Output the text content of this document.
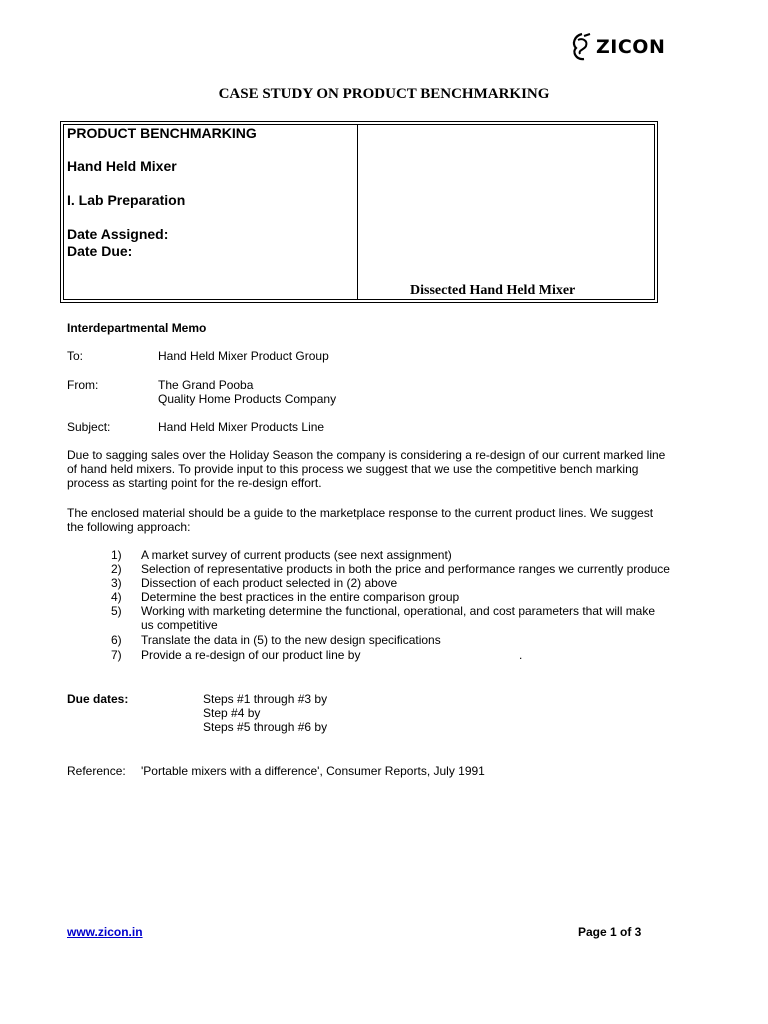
ZICON
CASE STUDY ON PRODUCT BENCHMARKING
PRODUCT BENCHMARKING
Hand Held Mixer
I. Lab Preparation
Date Assigned:
Date Due:
Dissected Hand Held Mixer
Interdepartmental Memo
To:	Hand Held Mixer Product Group
From:	The Grand Pooba
Quality Home Products Company
Subject:	Hand Held Mixer Products Line
Due to sagging sales over the Holiday Season the company is considering a re-design of our current marked line
of hand held mixers. To provide input to this process we suggest that we use the competitive bench marking
process as starting point for the re-design effort.
The enclosed material should be a guide to the marketplace response to the current product lines. We suggest
the following approach:
1) A market survey of current products (see next assignment)
2) Selection of representative products in both the price and performance ranges we currently produce
3) Dissection of each product selected in (2) above
4) Determine the best practices in the entire comparison group
5) Working with marketing determine the functional, operational, and cost parameters that will make
us competitive
6) Translate the data in (5) to the new design specifications
7) Provide a re-design of our product line by	.
Due dates:	Steps #1 through #3 by
Step #4 by
Steps #5 through #6 by
Reference: 'Portable mixers with a difference', Consumer Reports, July 1991
www.zicon.in	Page 1 of 3
